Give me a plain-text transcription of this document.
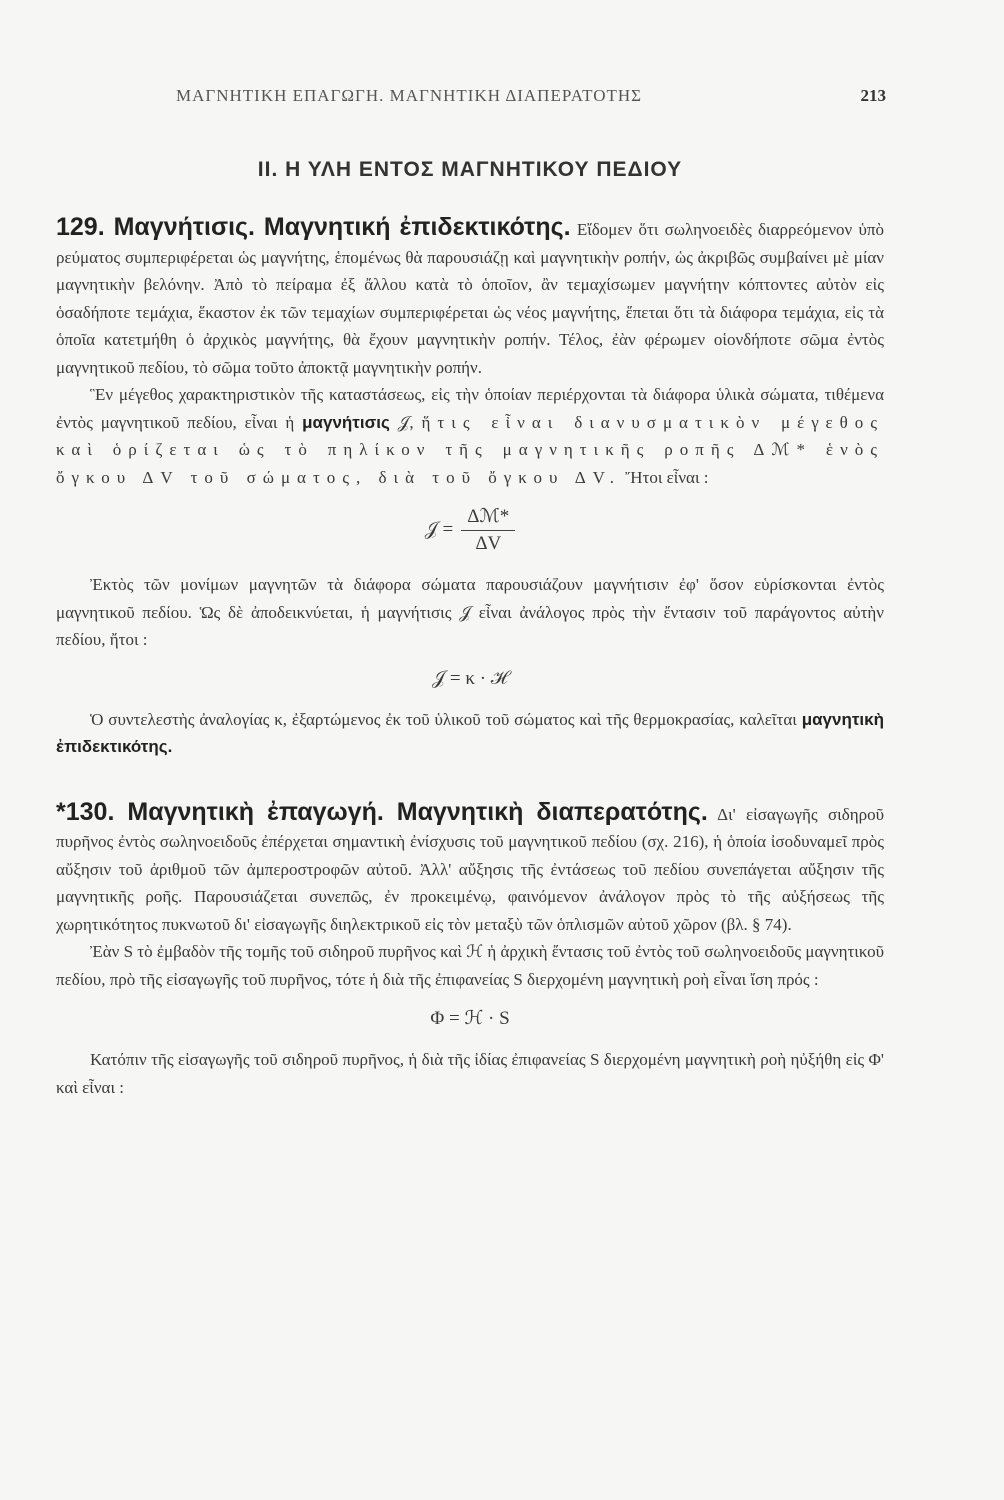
ΜΑΓΝΗΤΙΚΗ ΕΠΑΓΩΓΗ. ΜΑΓΝΗΤΙΚΗ ΔΙΑΠΕΡΑΤΟΤΗΣ	213
II. Η ΥΛΗ ΕΝΤΟΣ ΜΑΓΝΗΤΙΚΟΥ ΠΕΔΙΟΥ

129. Μαγνήτισις. Μαγνητική ἐπιδεκτικότης. Εἴδομεν ὅτι σωληνοειδὲς διαρρεόμενον ὑπὸ ρεύματος συμπεριφέρεται ὡς μαγνήτης, ἑπομένως θὰ παρουσιάζῃ καὶ μαγνητικὴν ροπήν, ὡς ἀκριβῶς συμβαίνει μὲ μίαν μαγνητικὴν βελόνην. Ἀπὸ τὸ πείραμα ἐξ ἄλλου κατὰ τὸ ὁποῖον, ἂν τεμαχίσωμεν μαγνήτην κόπτοντες αὐτὸν εἰς ὁσαδήποτε τεμάχια, ἕκαστον ἐκ τῶν τεμαχίων συμπεριφέρεται ὡς νέος μαγνήτης, ἕπεται ὅτι τὰ διάφορα τεμάχια, εἰς τὰ ὁποῖα κατετμήθη ὁ ἀρχικὸς μαγνήτης, θὰ ἔχουν μαγνητικὴν ροπήν. Τέλος, ἐὰν φέρωμεν οἱονδήποτε σῶμα ἐντὸς μαγνητικοῦ πεδίου, τὸ σῶμα τοῦτο ἀποκτᾷ μαγνητικὴν ροπήν.

Ἓν μέγεθος χαρακτηριστικὸν τῆς καταστάσεως, εἰς τὴν ὁποίαν περιέρχονται τὰ διάφορα ὑλικὰ σώματα, τιθέμενα ἐντὸς μαγνητικοῦ πεδίου, εἶναι ἡ μαγνήτισις 𝒥, ἥτις εἶναι διανυσματικὸν μέγεθος καὶ ὁρίζεται ὡς τὸ πηλίκον τῆς μαγνητικῆς ροπῆς Δℳ* ἑνὸς ὄγκου ΔV τοῦ σώματος, διὰ τοῦ ὄγκου ΔV. Ἤτοι εἶναι :

𝒥 = $\frac{\text{Δℳ*}}{\Delta V}$

Ἐκτὸς τῶν μονίμων μαγνητῶν τὰ διάφορα σώματα παρουσιάζουν μαγνήτισιν ἐφ' ὅσον εὑρίσκονται ἐντὸς μαγνητικοῦ πεδίου. Ὡς δὲ ἀποδεικνύεται, ἡ μαγνήτισις 𝒥 εἶναι ἀνάλογος πρὸς τὴν ἔντασιν τοῦ παράγοντος αὐτὴν πεδίου, ἤτοι :

𝒥 = κ · ℋ

Ὁ συντελεστὴς ἀναλογίας κ, ἐξαρτώμενος ἐκ τοῦ ὑλικοῦ τοῦ σώματος καὶ τῆς θερμοκρασίας, καλεῖται μαγνητικὴ ἐπιδεκτικότης.

*130. Μαγνητικὴ ἐπαγωγή. Μαγνητικὴ διαπερατότης. Δι' εἰσαγωγῆς σιδηροῦ πυρῆνος ἐντὸς σωληνοειδοῦς ἐπέρχεται σημαντικὴ ἐνίσχυσις τοῦ μαγνητικοῦ πεδίου (σχ. 216), ἡ ὁποία ἰσοδυναμεῖ πρὸς αὔξησιν τοῦ ἀριθμοῦ τῶν ἀμπεροστροφῶν αὐτοῦ. Ἀλλ' αὔξησις τῆς ἐντάσεως τοῦ πεδίου συνεπάγεται αὔξησιν τῆς μαγνητικῆς ροῆς. Παρουσιάζεται συνεπῶς, ἐν προκειμένῳ, φαινόμενον ἀνάλογον πρὸς τὸ τῆς αὐξήσεως τῆς χωρητικότητος πυκνωτοῦ δι' εἰσαγωγῆς διηλεκτρικοῦ εἰς τὸν μεταξὺ τῶν ὁπλισμῶν αὐτοῦ χῶρον (βλ. § 74).

Ἐὰν S τὸ ἐμβαδὸν τῆς τομῆς τοῦ σιδηροῦ πυρῆνος καὶ ℋ ἡ ἀρχικὴ ἔντασις τοῦ ἐντὸς τοῦ σωληνοειδοῦς μαγνητικοῦ πεδίου, πρὸ τῆς εἰσαγωγῆς τοῦ πυρῆνος, τότε ἡ διὰ τῆς ἐπιφανείας S διερχομένη μαγνητικὴ ροὴ εἶναι ἴση πρός :

Φ = ℋ · S

Κατόπιν τῆς εἰσαγωγῆς τοῦ σιδηροῦ πυρῆνος, ἡ διὰ τῆς ἰδίας ἐπιφανείας S διερχομένη μαγνητικὴ ροὴ ηὐξήθη εἰς Φ' καὶ εἶναι :
